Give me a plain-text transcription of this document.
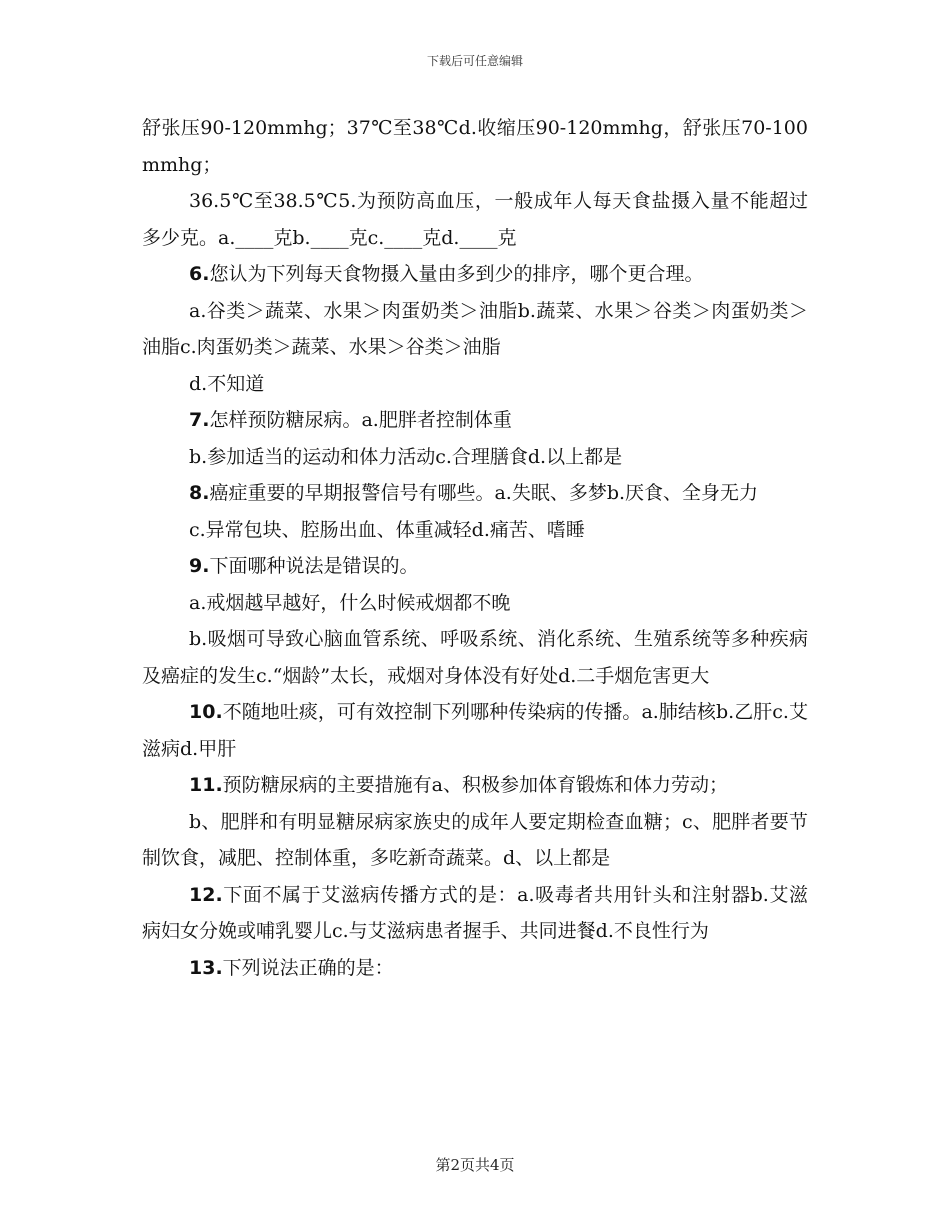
下载后可任意编辑

舒张压90-120mmhg；37℃至38℃d.收缩压90-120mmhg，舒张压70-100mmhg；

36.5℃至38.5℃5.为预防高血压，一般成年人每天食盐摄入量不能超过多少克。a.____克b.____克c.____克d.____克

6.您认为下列每天食物摄入量由多到少的排序，哪个更合理。

a.谷类＞蔬菜、水果＞肉蛋奶类＞油脂b.蔬菜、水果＞谷类＞肉蛋奶类＞油脂c.肉蛋奶类＞蔬菜、水果＞谷类＞油脂

d.不知道

7.怎样预防糖尿病。a.肥胖者控制体重

b.参加适当的运动和体力活动c.合理膳食d.以上都是

8.癌症重要的早期报警信号有哪些。a.失眠、多梦b.厌食、全身无力

c.异常包块、腔肠出血、体重减轻d.痛苦、嗜睡

9.下面哪种说法是错误的。

a.戒烟越早越好，什么时候戒烟都不晚

b.吸烟可导致心脑血管系统、呼吸系统、消化系统、生殖系统等多种疾病及癌症的发生c.“烟龄”太长，戒烟对身体没有好处d.二手烟危害更大

10.不随地吐痰，可有效控制下列哪种传染病的传播。a.肺结核b.乙肝c.艾滋病d.甲肝

11.预防糖尿病的主要措施有a、积极参加体育锻炼和体力劳动；

b、肥胖和有明显糖尿病家族史的成年人要定期检查血糖；c、肥胖者要节制饮食，减肥、控制体重，多吃新奇蔬菜。d、以上都是

12.下面不属于艾滋病传播方式的是：a.吸毒者共用针头和注射器b.艾滋病妇女分娩或哺乳婴儿c.与艾滋病患者握手、共同进餐d.不良性行为

13.下列说法正确的是：

第2页共4页
